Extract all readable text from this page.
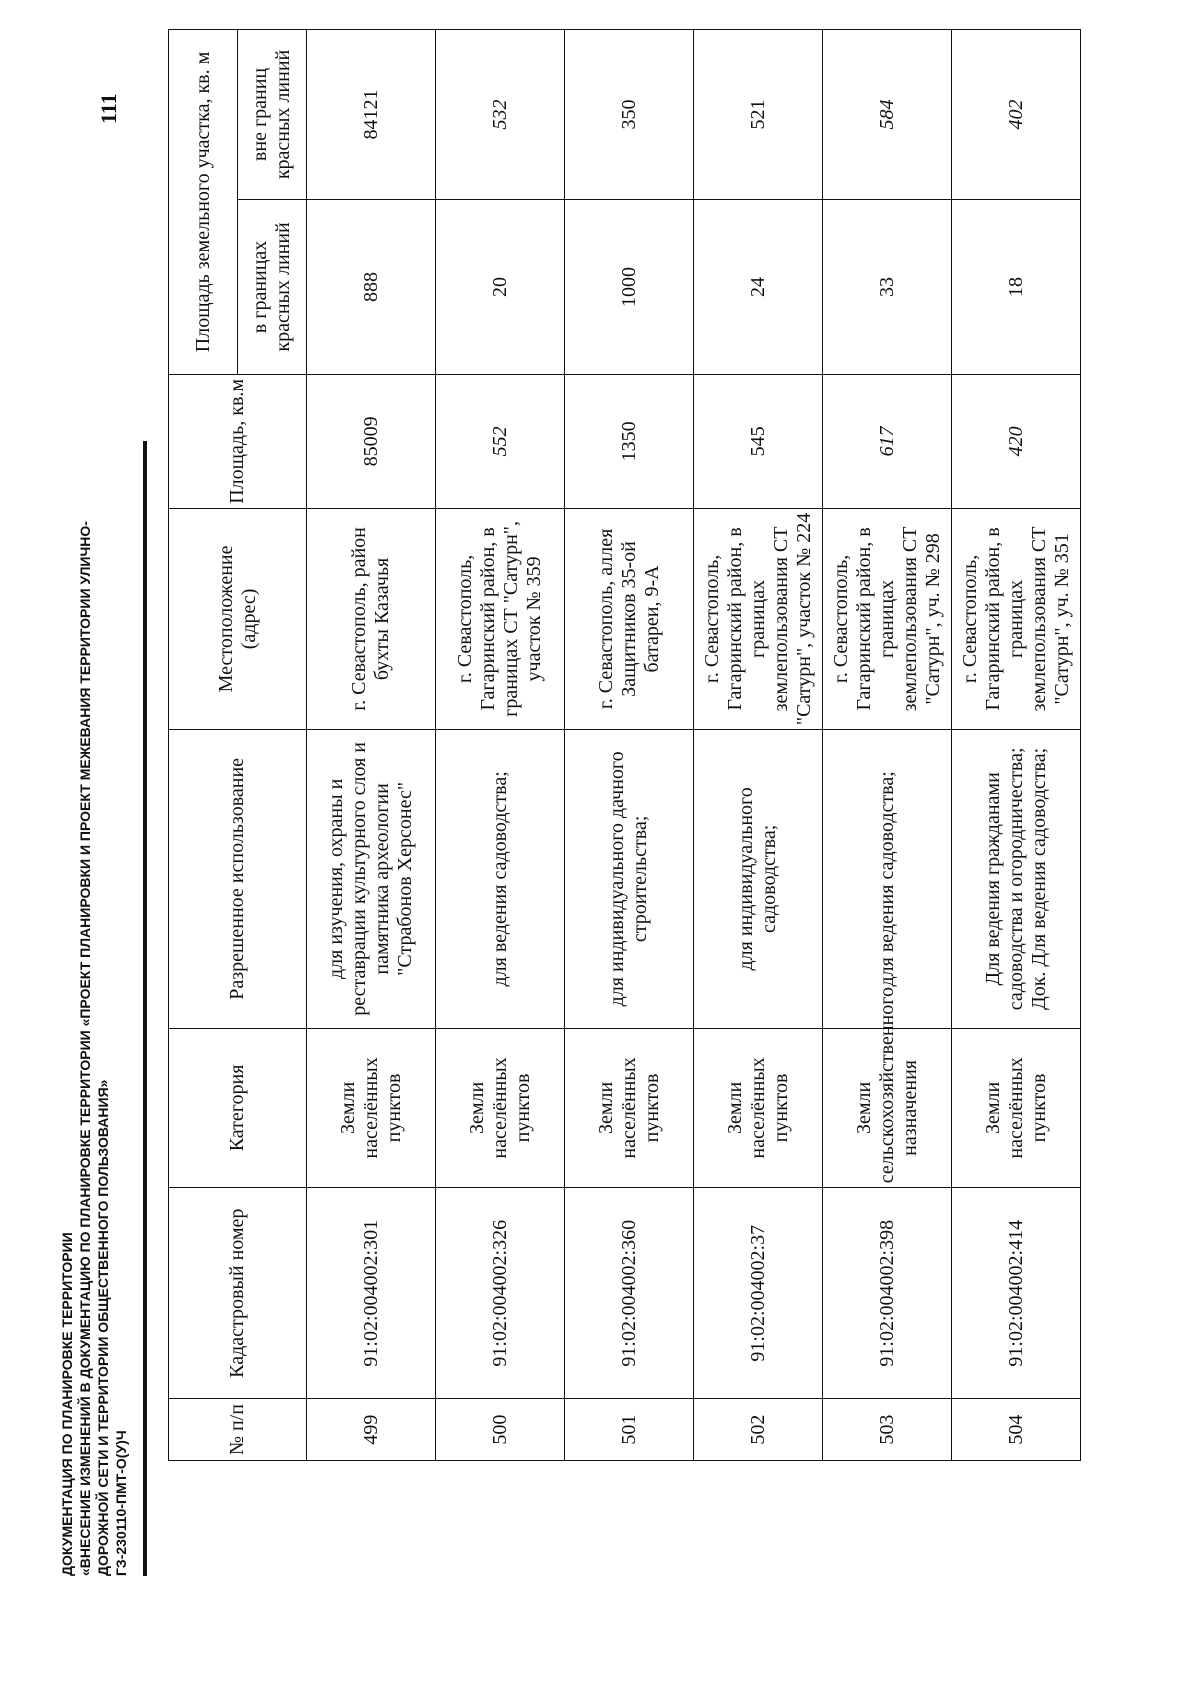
ДОКУМЕНТАЦИЯ ПО ПЛАНИРОВКЕ ТЕРРИТОРИИ «ВНЕСЕНИЕ ИЗМЕНЕНИЙ В ДОКУМЕНТАЦИЮ ПО ПЛАНИРОВКЕ ТЕРРИТОРИИ «ПРОЕКТ ПЛАНИРОВКИ И ПРОЕКТ МЕЖЕВАНИЯ ТЕРРИТОРИИ УЛИЧНО- ДОРОЖНОЙ СЕТИ И ТЕРРИТОРИИ ОБЩЕСТВЕННОГО ПОЛЬЗОВАНИЯ» ГЗ-230110-ПМТ-О(У)Ч
111
№ п/п	Кадастровый номер	Категория	Разрешенное использование	Местоположение (адрес)	Площадь, кв.м	Площадь земельного участка, кв. м	
						в границах красных линий	вне границ красных линий
499	91:02:004002:301	Земли населённых пунктов	для изучения, охраны и реставрации культурного слоя и памятника археологии "Страбонов Херсонес"	г. Севастополь, район бухты Казачья	85009	888	84121
500	91:02:004002:326	Земли населённых пунктов	для ведения садоводства;	г. Севастополь, Гагаринский район, в границах СТ "Сатурн", участок № 359	552	20	532
501	91:02:004002:360	Земли населённых пунктов	для индивидуального дачного строительства;	г. Севастополь, аллея Защитников 35-ой батареи, 9-А	1350	1000	350
502	91:02:004002:37	Земли населённых пунктов	для индивидуального садоводства;	г. Севастополь, Гагаринский район, в границах землепользования СТ "Сатурн", участок № 224	545	24	521
503	91:02:004002:398	Земли сельскохозяйственного назначения	для ведения садоводства;	г. Севастополь, Гагаринский район, в границах землепользования СТ "Сатурн", уч. № 298	617	33	584
504	91:02:004002:414	Земли населённых пунктов	Для ведения гражданами садоводства и огородничества; Док. Для ведения садоводства;	г. Севастополь, Гагаринский район, в границах землепользования СТ "Сатурн", уч. № 351	420	18	402
